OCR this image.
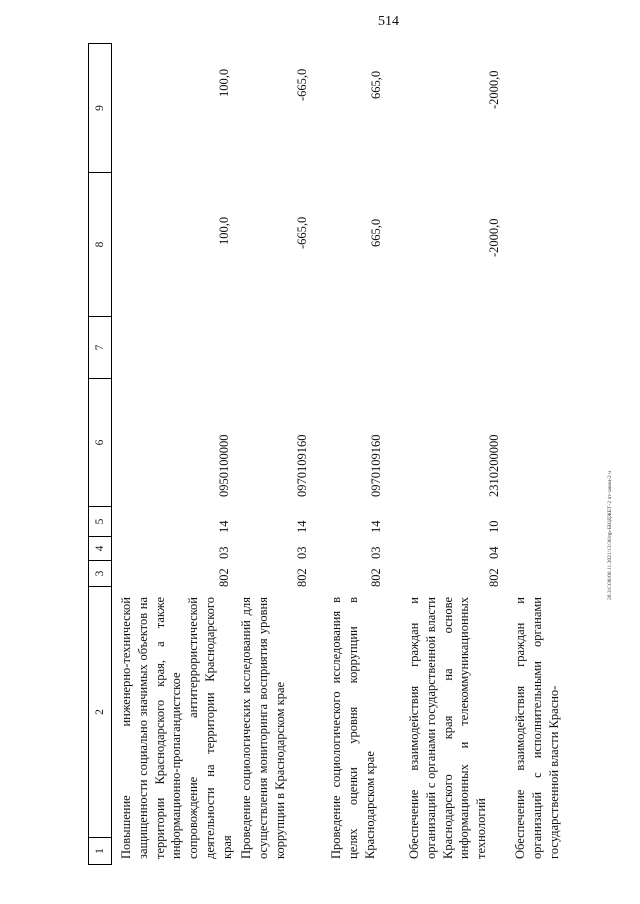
514
20.3/СО0/08.11.2021/13:36/пр-БЮДЖЕТ-2 чт-закон-2 ч
1
2
3
4
5
6
7
8
9
Повышение инженерно-технической защищенности социально значимых объектов на территории Краснодарского края, а также информационно-пропагандистское сопровождение антитеррористической деятельности на территории Краснодарского края
802
03
14
0950100000
100,0
100,0
Проведение социологических исследований для осуществления мониторинга восприятия уровня коррупции в Краснодарском крае
802
03
14
0970109160
-665,0
-665,0
Проведение социологического исследования в целях оценки уровня коррупции в Краснодарском крае
802
03
14
0970109160
665,0
665,0
Обеспечение взаимодействия граждан и организаций с органами государственной власти Краснодарского края на основе информационных и телекоммуникационных технологий
802
04
10
2310200000
-2000,0
-2000,0
Обеспечение взаимодействия граждан и организаций с исполнительными органами государственной власти Красно-
